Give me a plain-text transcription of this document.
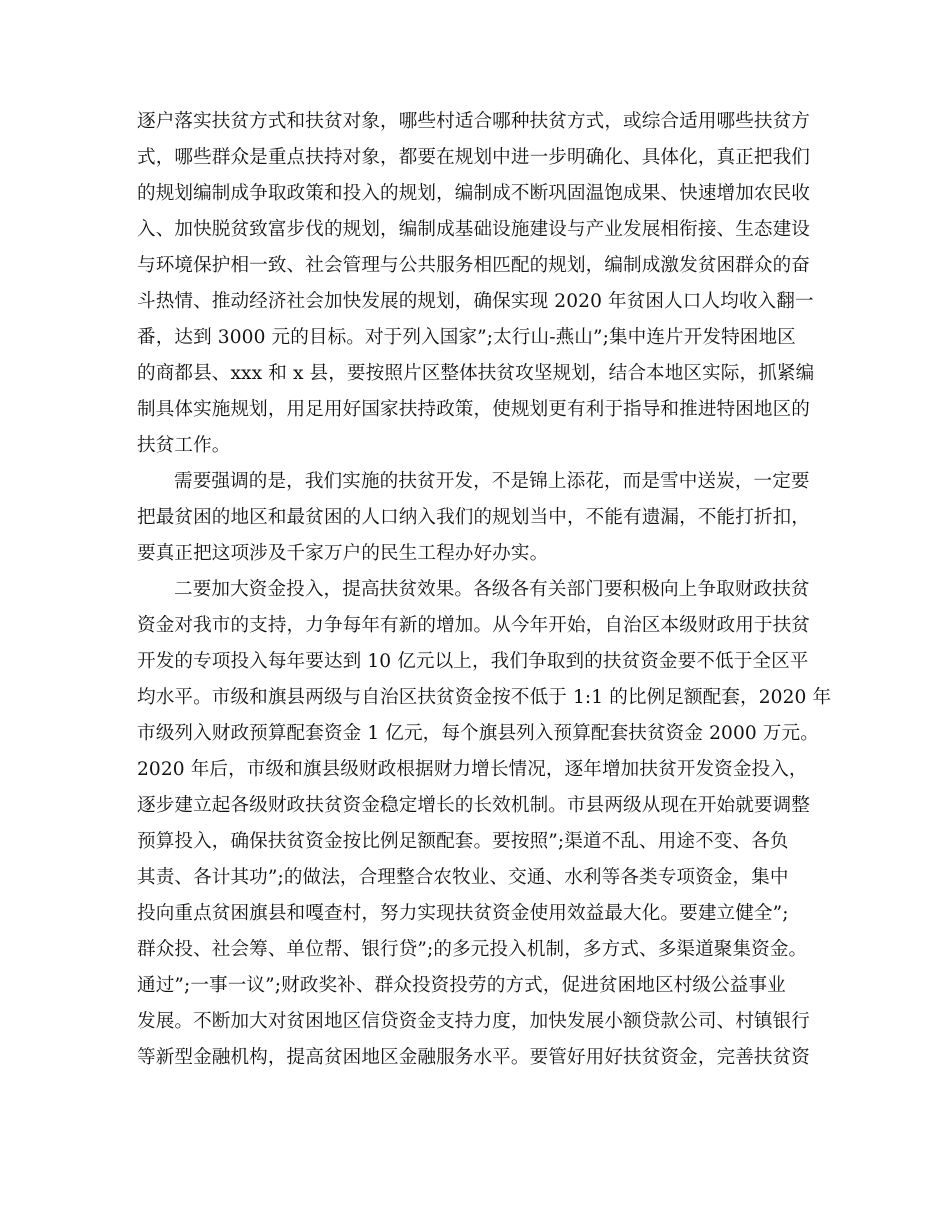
逐户落实扶贫方式和扶贫对象，哪些村适合哪种扶贫方式，或综合适用哪些扶贫方
式，哪些群众是重点扶持对象，都要在规划中进一步明确化、具体化，真正把我们
的规划编制成争取政策和投入的规划，编制成不断巩固温饱成果、快速增加农民收
入、加快脱贫致富步伐的规划，编制成基础设施建设与产业发展相衔接、生态建设
与环境保护相一致、社会管理与公共服务相匹配的规划，编制成激发贫困群众的奋
斗热情、推动经济社会加快发展的规划，确保实现 2020 年贫困人口人均收入翻一
番，达到 3000 元的目标。对于列入国家”;太行山-燕山”;集中连片开发特困地区
的商都县、xxx 和 x 县，要按照片区整体扶贫攻坚规划，结合本地区实际，抓紧编
制具体实施规划，用足用好国家扶持政策，使规划更有利于指导和推进特困地区的
扶贫工作。
需要强调的是，我们实施的扶贫开发，不是锦上添花，而是雪中送炭，一定要
把最贫困的地区和最贫困的人口纳入我们的规划当中，不能有遗漏，不能打折扣，
要真正把这项涉及千家万户的民生工程办好办实。
二要加大资金投入，提高扶贫效果。各级各有关部门要积极向上争取财政扶贫
资金对我市的支持，力争每年有新的增加。从今年开始，自治区本级财政用于扶贫
开发的专项投入每年要达到 10 亿元以上，我们争取到的扶贫资金要不低于全区平
均水平。市级和旗县两级与自治区扶贫资金按不低于 1:1 的比例足额配套，2020 年
市级列入财政预算配套资金 1 亿元，每个旗县列入预算配套扶贫资金 2000 万元。
2020 年后，市级和旗县级财政根据财力增长情况，逐年增加扶贫开发资金投入，
逐步建立起各级财政扶贫资金稳定增长的长效机制。市县两级从现在开始就要调整
预算投入，确保扶贫资金按比例足额配套。要按照”;渠道不乱、用途不变、各负
其责、各计其功”;的做法，合理整合农牧业、交通、水利等各类专项资金，集中
投向重点贫困旗县和嘎查村，努力实现扶贫资金使用效益最大化。要建立健全”;
群众投、社会筹、单位帮、银行贷”;的多元投入机制，多方式、多渠道聚集资金。
通过”;一事一议”;财政奖补、群众投资投劳的方式，促进贫困地区村级公益事业
发展。不断加大对贫困地区信贷资金支持力度，加快发展小额贷款公司、村镇银行
等新型金融机构，提高贫困地区金融服务水平。要管好用好扶贫资金，完善扶贫资
